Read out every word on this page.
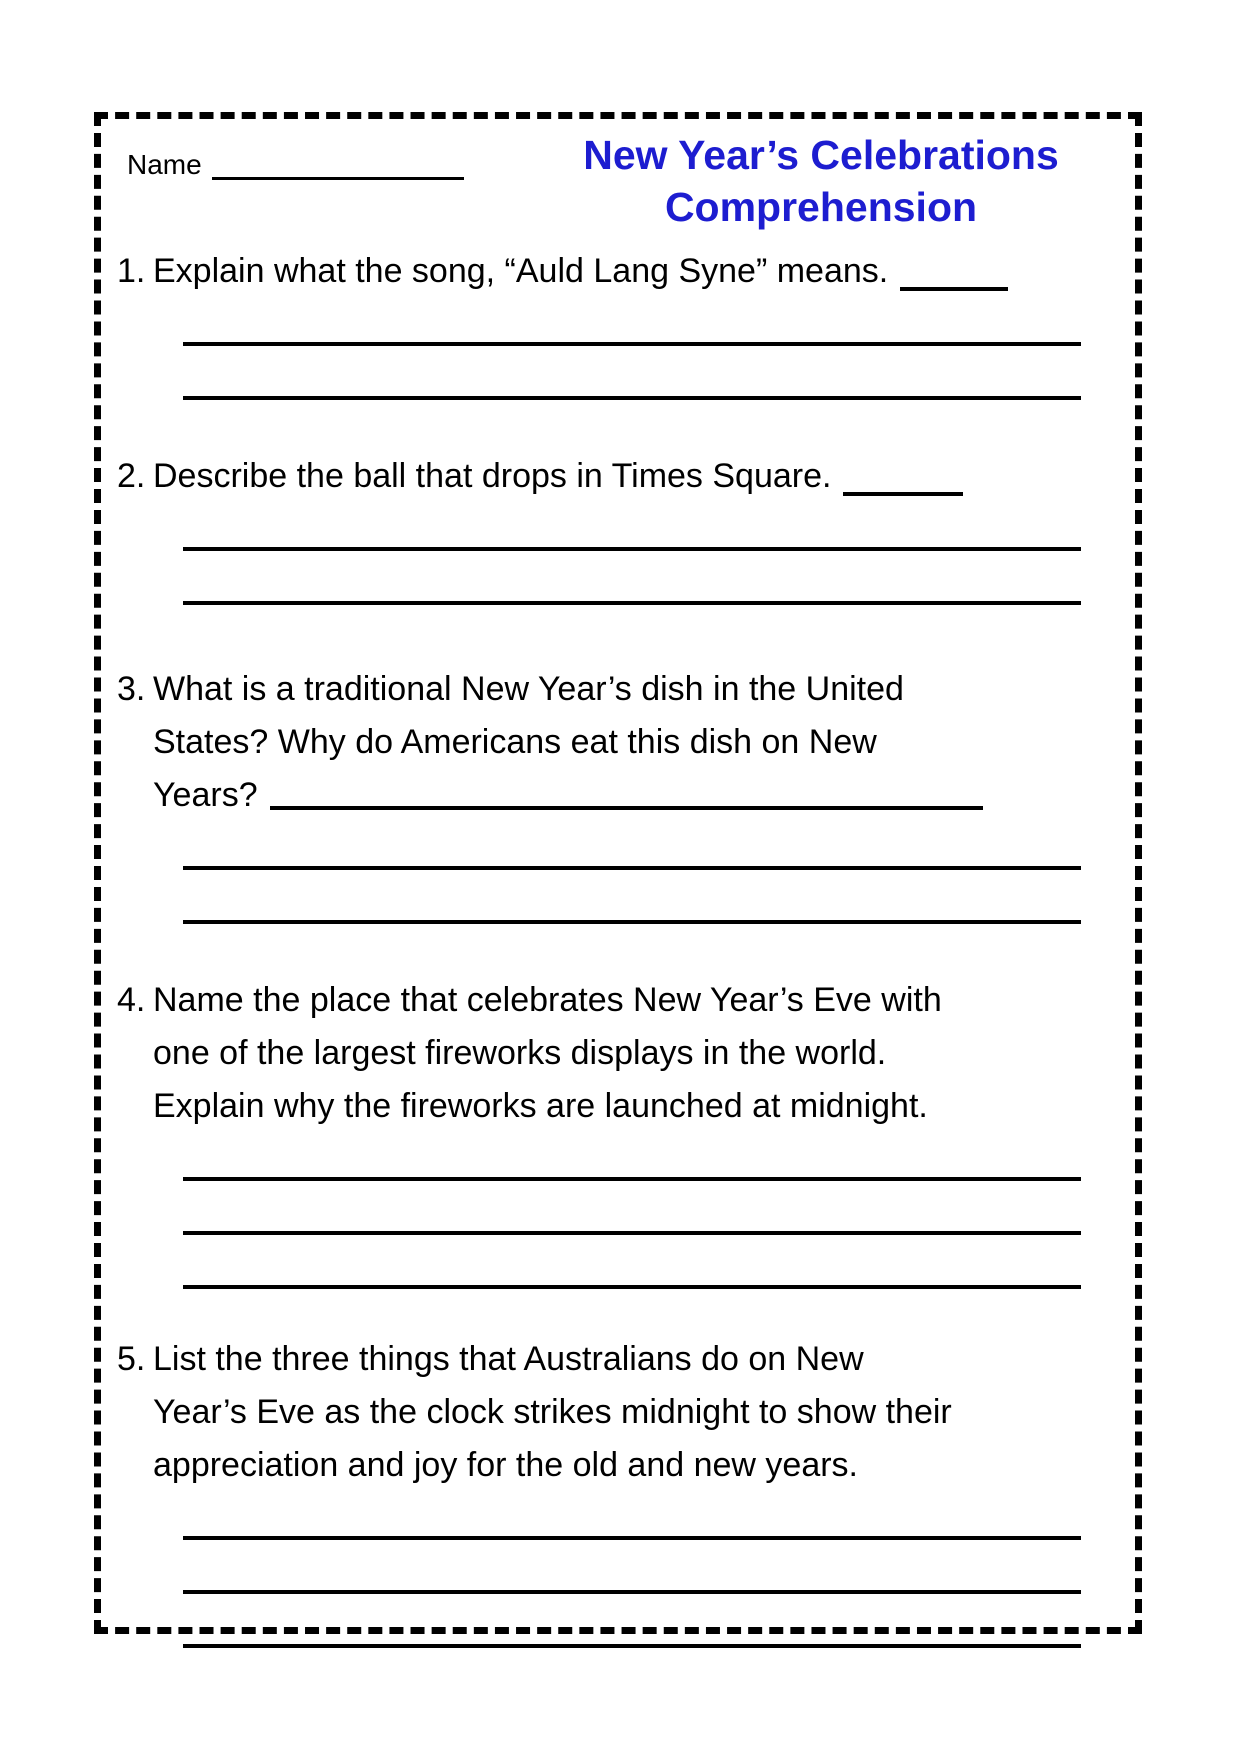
Name	New Year’s Celebrations
Comprehension
1. Explain what the song, “Auld Lang Syne” means.
2. Describe the ball that drops in Times Square.
3. What is a traditional New Year’s dish in the United
States? Why do Americans eat this dish on New
Years?
4. Name the place that celebrates New Year’s Eve with
one of the largest fireworks displays in the world.
Explain why the fireworks are launched at midnight.
5. List the three things that Australians do on New
Year’s Eve as the clock strikes midnight to show their
appreciation and joy for the old and new years.
